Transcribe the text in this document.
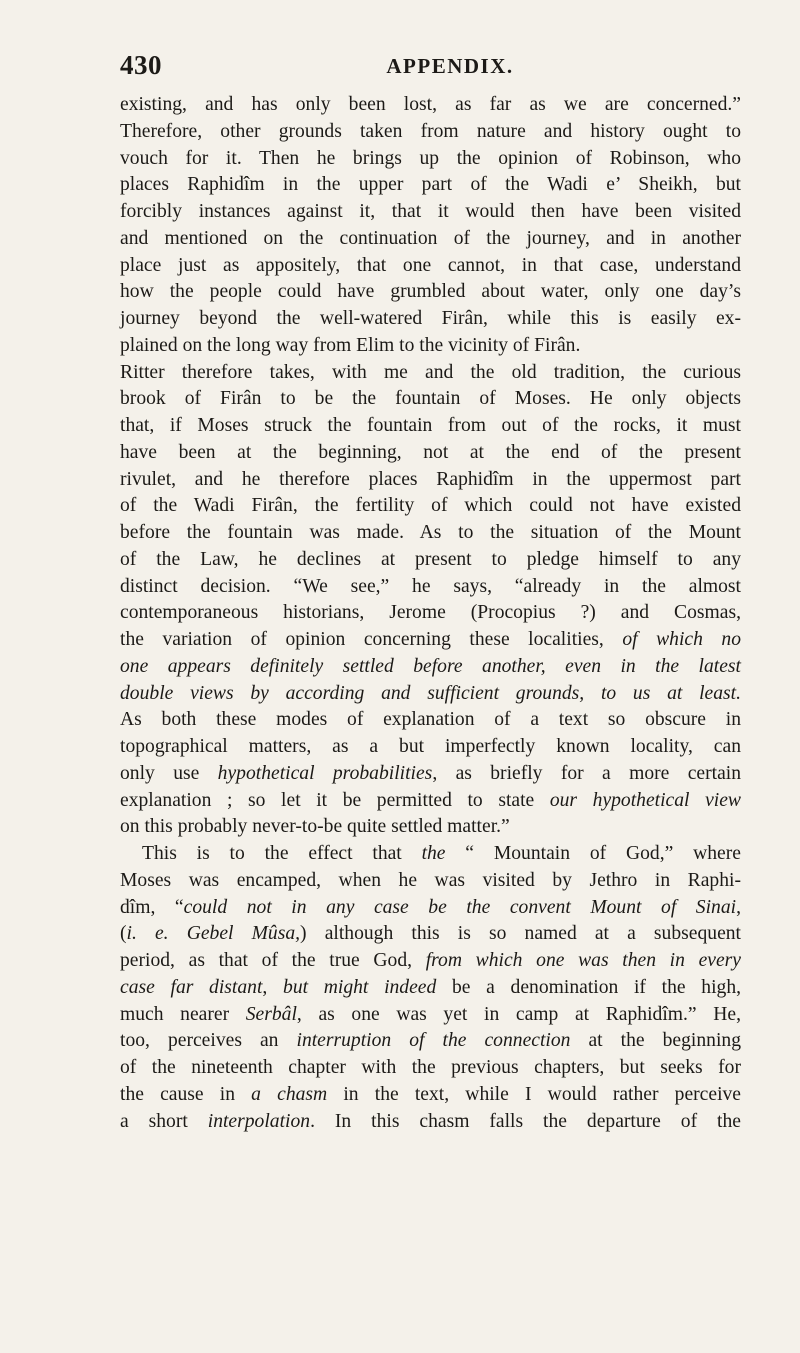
430	APPENDIX.
existing, and has only been lost, as far as we are concerned.”
Therefore, other grounds taken from nature and history ought to
vouch for it. Then he brings up the opinion of Robinson, who
places Raphidîm in the upper part of the Wadi e’ Sheikh, but
forcibly instances against it, that it would then have been visited
and mentioned on the continuation of the journey, and in another
place just as appositely, that one cannot, in that case, understand
how the people could have grumbled about water, only one day’s
journey beyond the well-watered Firân, while this is easily ex-
plained on the long way from Elim to the vicinity of Firân.
Ritter therefore takes, with me and the old tradition, the curious
brook of Firân to be the fountain of Moses. He only objects
that, if Moses struck the fountain from out of the rocks, it must
have been at the beginning, not at the end of the present
rivulet, and he therefore places Raphidîm in the uppermost part
of the Wadi Firân, the fertility of which could not have existed
before the fountain was made. As to the situation of the Mount
of the Law, he declines at present to pledge himself to any
distinct decision. “We see,” he says, “already in the almost
contemporaneous historians, Jerome (Procopius ?) and Cosmas,
the variation of opinion concerning these localities, of which no
one appears definitely settled before another, even in the latest
double views by according and sufficient grounds, to us at least.
As both these modes of explanation of a text so obscure in
topographical matters, as a but imperfectly known locality, can
only use hypothetical probabilities, as briefly for a more certain
explanation ; so let it be permitted to state our hypothetical view
on this probably never-to-be quite settled matter.”
This is to the effect that the “ Mountain of God,” where
Moses was encamped, when he was visited by Jethro in Raphi-
dîm, “could not in any case be the convent Mount of Sinai,
(i. e. Gebel Mûsa,) although this is so named at a subsequent
period, as that of the true God, from which one was then in every
case far distant, but might indeed be a denomination if the high,
much nearer Serbâl, as one was yet in camp at Raphidîm.” He,
too, perceives an interruption of the connection at the beginning
of the nineteenth chapter with the previous chapters, but seeks for
the cause in a chasm in the text, while I would rather perceive
a short interpolation. In this chasm falls the departure of the
